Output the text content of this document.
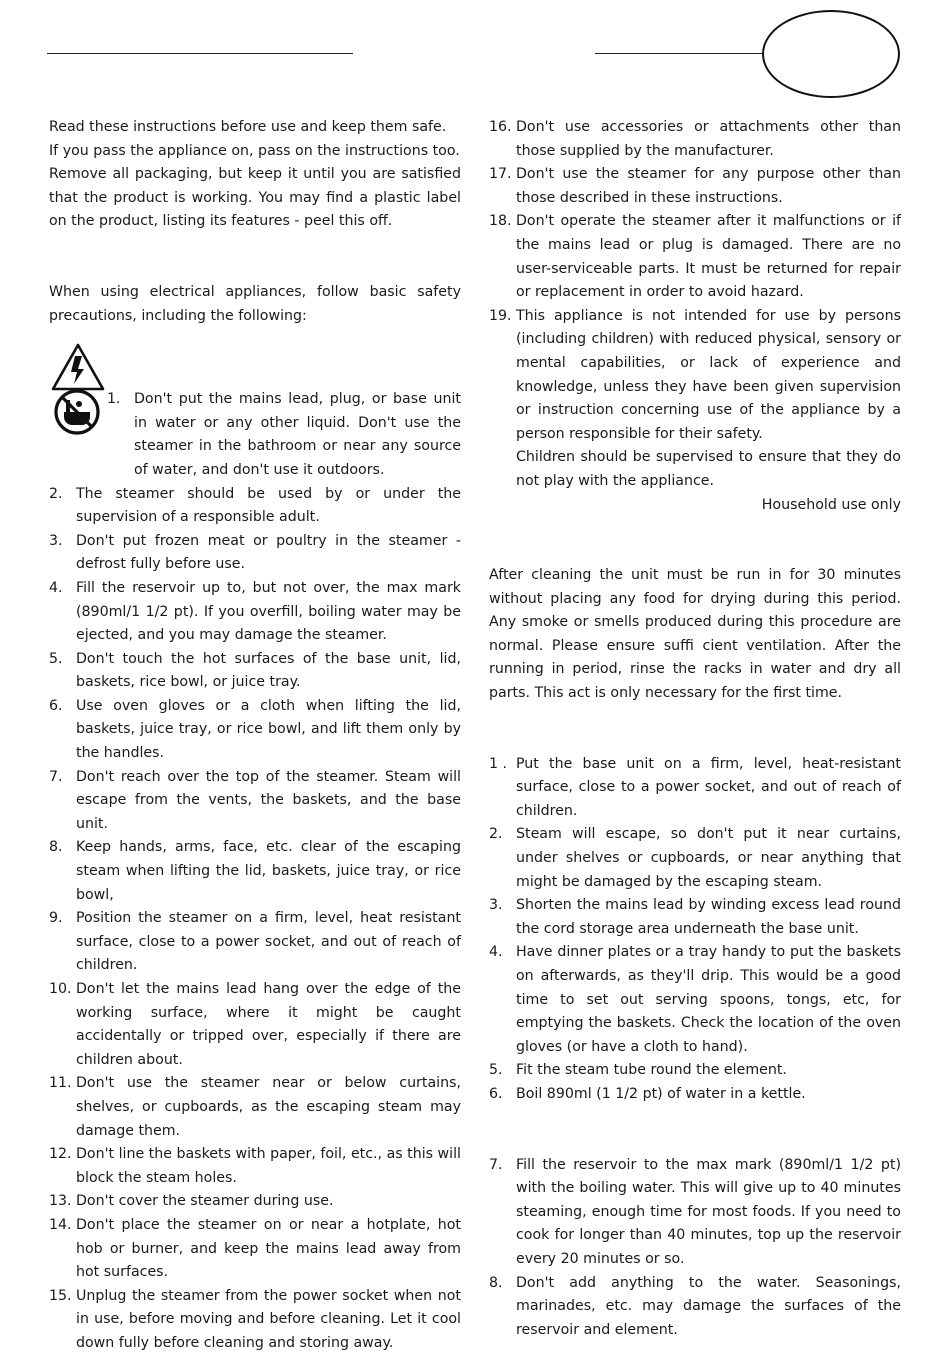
Read these instructions before use and keep them safe.

If you pass the appliance on, pass on the instructions too.

Remove all packaging, but keep it until you are satisfied that the product is working. You may find a plastic label on the product, listing its features - peel this off.

When using electrical appliances, follow basic safety precautions, including the following:

1. Don't put the mains lead, plug, or base unit in water or any other liquid. Don't use the steamer in the bathroom or near any source of water, and don't use it outdoors.
2. The steamer should be used by or under the supervision of a responsible adult.
3. Don't put frozen meat or poultry in the steamer - defrost fully before use.
4. Fill the reservoir up to, but not over, the max mark (890ml/1 1/2 pt). If you overfill, boiling water may be ejected, and you may damage the steamer.
5. Don't touch the hot surfaces of the base unit, lid, baskets, rice bowl, or juice tray.
6. Use oven gloves or a cloth when lifting the lid, baskets, juice tray, or rice bowl, and lift them only by the handles.
7. Don't reach over the top of the steamer. Steam will escape from the vents, the baskets, and the base unit.
8. Keep hands, arms, face, etc. clear of the escaping steam when lifting the lid, baskets, juice tray, or rice bowl,
9. Position the steamer on a firm, level, heat resistant surface, close to a power socket, and out of reach of children.
10. Don't let the mains lead hang over the edge of the working surface, where it might be caught accidentally or tripped over, especially if there are children about.
11. Don't use the steamer near or below curtains, shelves, or cupboards, as the escaping steam may damage them.
12. Don't line the baskets with paper, foil, etc., as this will block the steam holes.
13. Don't cover the steamer during use.
14. Don't place the steamer on or near a hotplate, hot hob or burner, and keep the mains lead away from hot surfaces.
15. Unplug the steamer from the power socket when not in use, before moving and before cleaning. Let it cool down fully before cleaning and storing away.
16. Don't use accessories or attachments other than those supplied by the manufacturer.
17. Don't use the steamer for any purpose other than those described in these instructions.
18. Don't operate the steamer after it malfunctions or if the mains lead or plug is damaged. There are no user-serviceable parts. It must be returned for repair or replacement in order to avoid hazard.
19. This appliance is not intended for use by persons (including children) with reduced physical, sensory or mental capabilities, or lack of experience and knowledge, unless they have been given supervision or instruction concerning use of the appliance by a person responsible for their safety.

Children should be supervised to ensure that they do not play with the appliance.

Household use only

After cleaning the unit must be run in for 30 minutes without placing any food for drying during this period. Any smoke or smells produced during this procedure are normal. Please ensure suffi cient ventilation. After the running in period, rinse the racks in water and dry all parts. This act is only necessary for the first time.

1 . Put the base unit on a firm, level, heat-resistant surface, close to a power socket, and out of reach of children.
2. Steam will escape, so don't put it near curtains, under shelves or cupboards, or near anything that might be damaged by the escaping steam.
3. Shorten the mains lead by winding excess lead round the cord storage area underneath the base unit.
4. Have dinner plates or a tray handy to put the baskets on afterwards, as they'll drip. This would be a good time to set out serving spoons, tongs, etc, for emptying the baskets. Check the location of the oven gloves (or have a cloth to hand).
5. Fit the steam tube round the element.
6. Boil 890ml (1 1/2 pt) of water in a kettle.
7. Fill the reservoir to the max mark (890ml/1 1/2 pt) with the boiling water. This will give up to 40 minutes steaming, enough time for most foods. If you need to cook for longer than 40 minutes, top up the reservoir every 20 minutes or so.
8. Don't add anything to the water. Seasonings, marinades, etc. may damage the surfaces of the reservoir and element.
